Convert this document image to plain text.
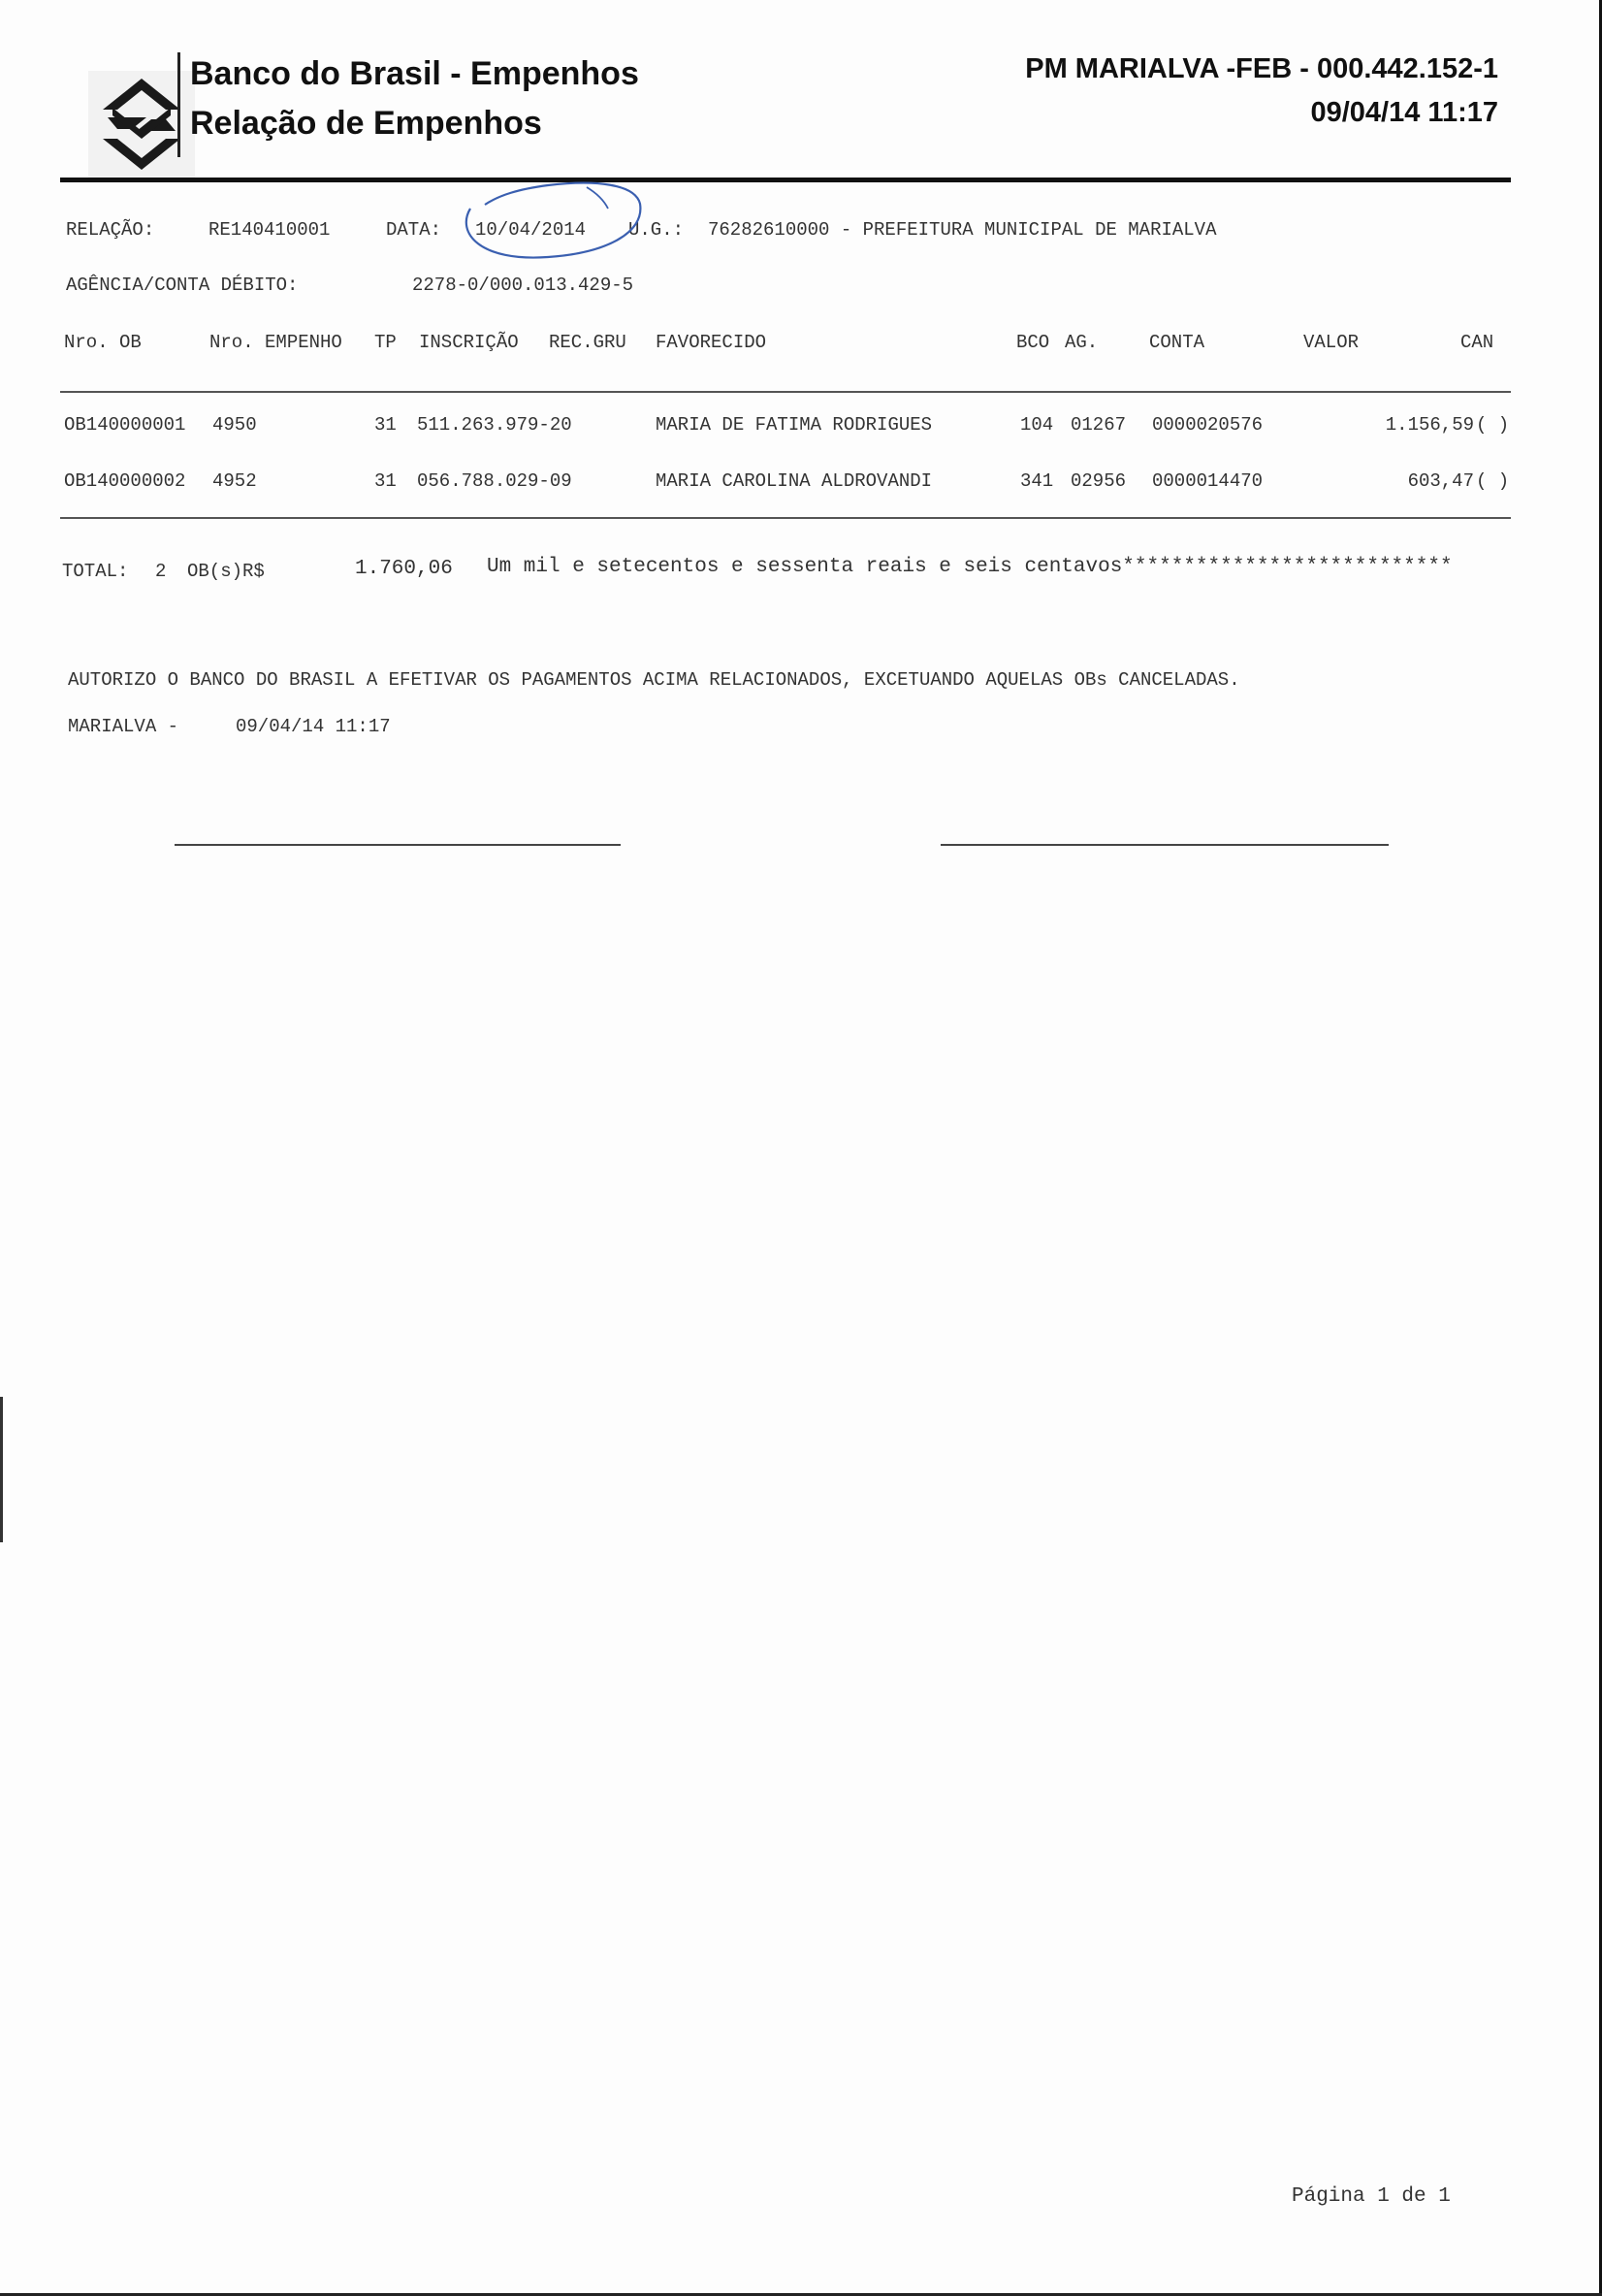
Banco do Brasil - Empenhos
Relação de Empenhos
PM MARIALVA -FEB - 000.442.152-1
09/04/14 11:17
RELAÇÃO:	RE140410001	DATA: 10/04/2014 U.G.: 76282610000 - PREFEITURA MUNICIPAL DE MARIALVA
AGÊNCIA/CONTA DÉBITO:	2278-0/000.013.429-5
Nro. OB	Nro. EMPENHO TP INSCRIÇÃO REC.GRU FAVORECIDO	BCO AG.	CONTA	VALOR	CAN
OB140000001 4950	31 511.263.979-20	MARIA DE FATIMA RODRIGUES	104 01267 0000020576	1.156,59 ( )
OB140000002 4952	31 056.788.029-09	MARIA CAROLINA ALDROVANDI	341 02956 0000014470	603,47 ( )
TOTAL: 2 OB(s)R$	1.760,06 Um mil e setecentos e sessenta reais e seis centavos***************************
AUTORIZO O BANCO DO BRASIL A EFETIVAR OS PAGAMENTOS ACIMA RELACIONADOS, EXCETUANDO AQUELAS OBs CANCELADAS.
MARIALVA -	09/04/14 11:17
Página 1 de 1
